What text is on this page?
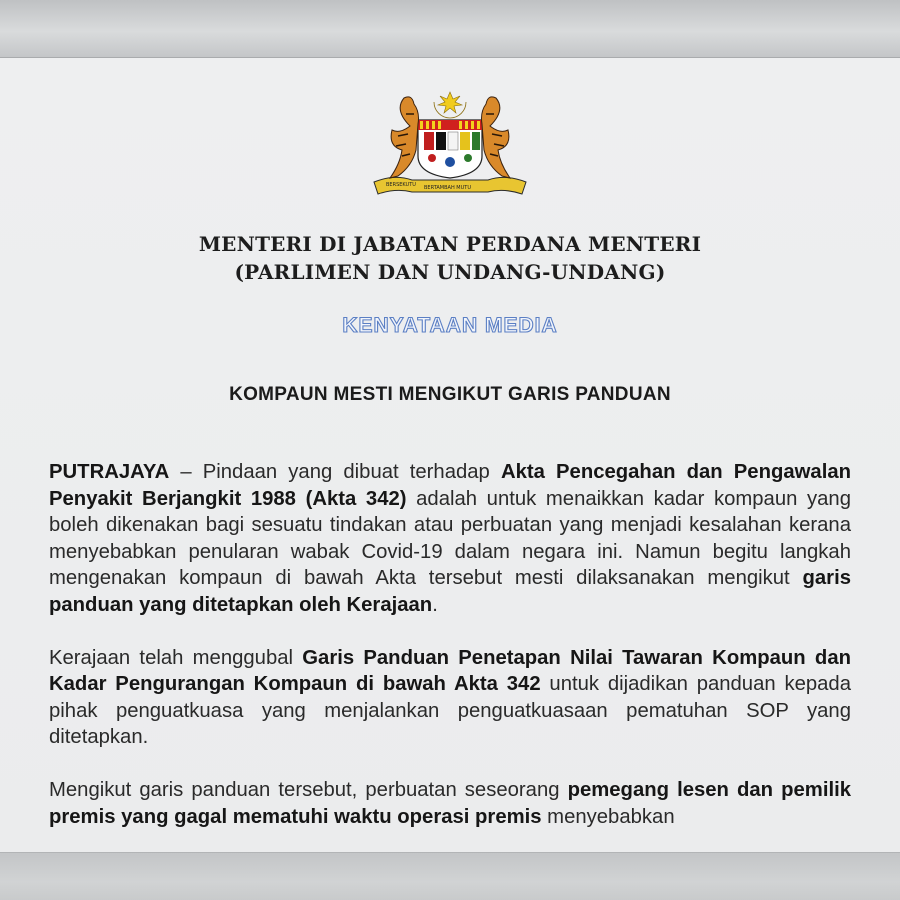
BERSEKUTU BERTAMBAH MUTU
MENTERI DI JABATAN PERDANA MENTERI
(PARLIMEN DAN UNDANG-UNDANG)
KENYATAAN MEDIA
KOMPAUN MESTI MENGIKUT GARIS PANDUAN

PUTRAJAYA – Pindaan yang dibuat terhadap Akta Pencegahan dan Pengawalan Penyakit Berjangkit 1988 (Akta 342) adalah untuk menaikkan kadar kompaun yang boleh dikenakan bagi sesuatu tindakan atau perbuatan yang menjadi kesalahan kerana menyebabkan penularan wabak Covid-19 dalam negara ini. Namun begitu langkah mengenakan kompaun di bawah Akta tersebut mesti dilaksanakan mengikut garis panduan yang ditetapkan oleh Kerajaan.

Kerajaan telah menggubal Garis Panduan Penetapan Nilai Tawaran Kompaun dan Kadar Pengurangan Kompaun di bawah Akta 342 untuk dijadikan panduan kepada pihak penguatkuasa yang menjalankan penguatkuasaan pematuhan SOP yang ditetapkan.

Mengikut garis panduan tersebut, perbuatan seseorang pemegang lesen dan pemilik premis yang gagal mematuhi waktu operasi premis menyebabkan
